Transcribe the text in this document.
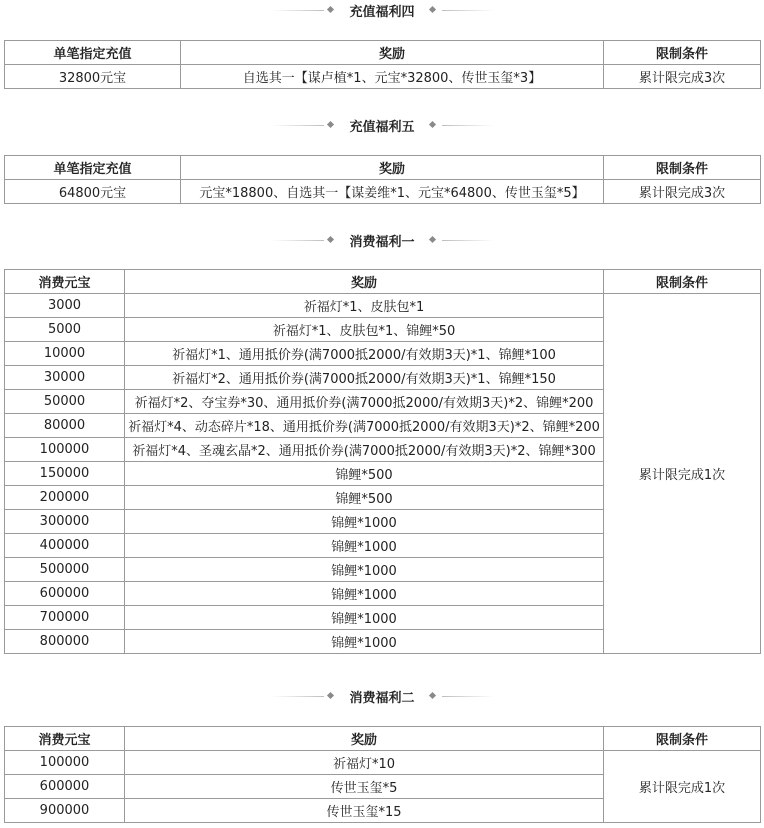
充值福利四
单笔指定充值	奖励	限制条件
32800元宝	自选其一【谋卢植*1、元宝*32800、传世玉玺*3】	累计限完成3次
充值福利五
单笔指定充值	奖励	限制条件
64800元宝	元宝*18800、自选其一【谋姜维*1、元宝*64800、传世玉玺*5】	累计限完成3次
消费福利一
消费元宝	奖励	限制条件
3000	祈福灯*1、皮肤包*1	累计限完成1次
5000	祈福灯*1、皮肤包*1、锦鲤*50	
10000	祈福灯*1、通用抵价券(满7000抵2000/有效期3天)*1、锦鲤*100	
30000	祈福灯*2、通用抵价券(满7000抵2000/有效期3天)*1、锦鲤*150	
50000	祈福灯*2、夺宝券*30、通用抵价券(满7000抵2000/有效期3天)*2、锦鲤*200	
80000	祈福灯*4、动态碎片*18、通用抵价券(满7000抵2000/有效期3天)*2、锦鲤*200	
100000	祈福灯*4、圣魂玄晶*2、通用抵价券(满7000抵2000/有效期3天)*2、锦鲤*300	
150000	锦鲤*500	
200000	锦鲤*500	
300000	锦鲤*1000	
400000	锦鲤*1000	
500000	锦鲤*1000	
600000	锦鲤*1000	
700000	锦鲤*1000	
800000	锦鲤*1000	
消费福利二
消费元宝	奖励	限制条件
100000	祈福灯*10	累计限完成1次
600000	传世玉玺*5	
900000	传世玉玺*15	
